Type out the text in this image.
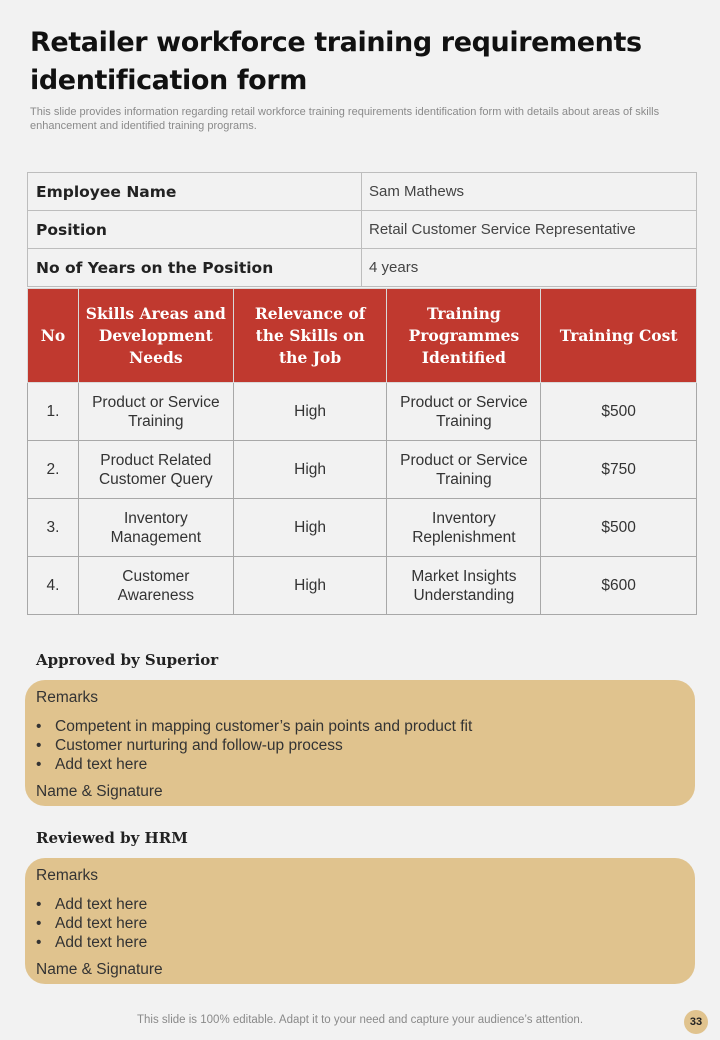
Retailer workforce training requirements identification form
This slide provides information regarding retail workforce training requirements identification form with details about areas of skills enhancement and identified training programs.
Employee Name	Sam Mathews
Position	Retail Customer Service Representative
No of Years on the Position	4 years
No	Skills Areas and Development Needs	Relevance of the Skills on the Job	Training Programmes Identified	Training Cost
1.	Product or Service Training	High	Product or Service Training	$500
2.	Product Related Customer Query	High	Product or Service Training	$750
3.	Inventory Management	High	Inventory Replenishment	$500
4.	Customer Awareness	High	Market Insights Understanding	$600
Approved by Superior
Remarks
• Competent in mapping customer’s pain points and product fit
• Customer nurturing and follow-up process
• Add text here
Name & Signature
Reviewed by HRM
Remarks
• Add text here
• Add text here
• Add text here
Name & Signature
This slide is 100% editable. Adapt it to your need and capture your audience’s attention.	33
